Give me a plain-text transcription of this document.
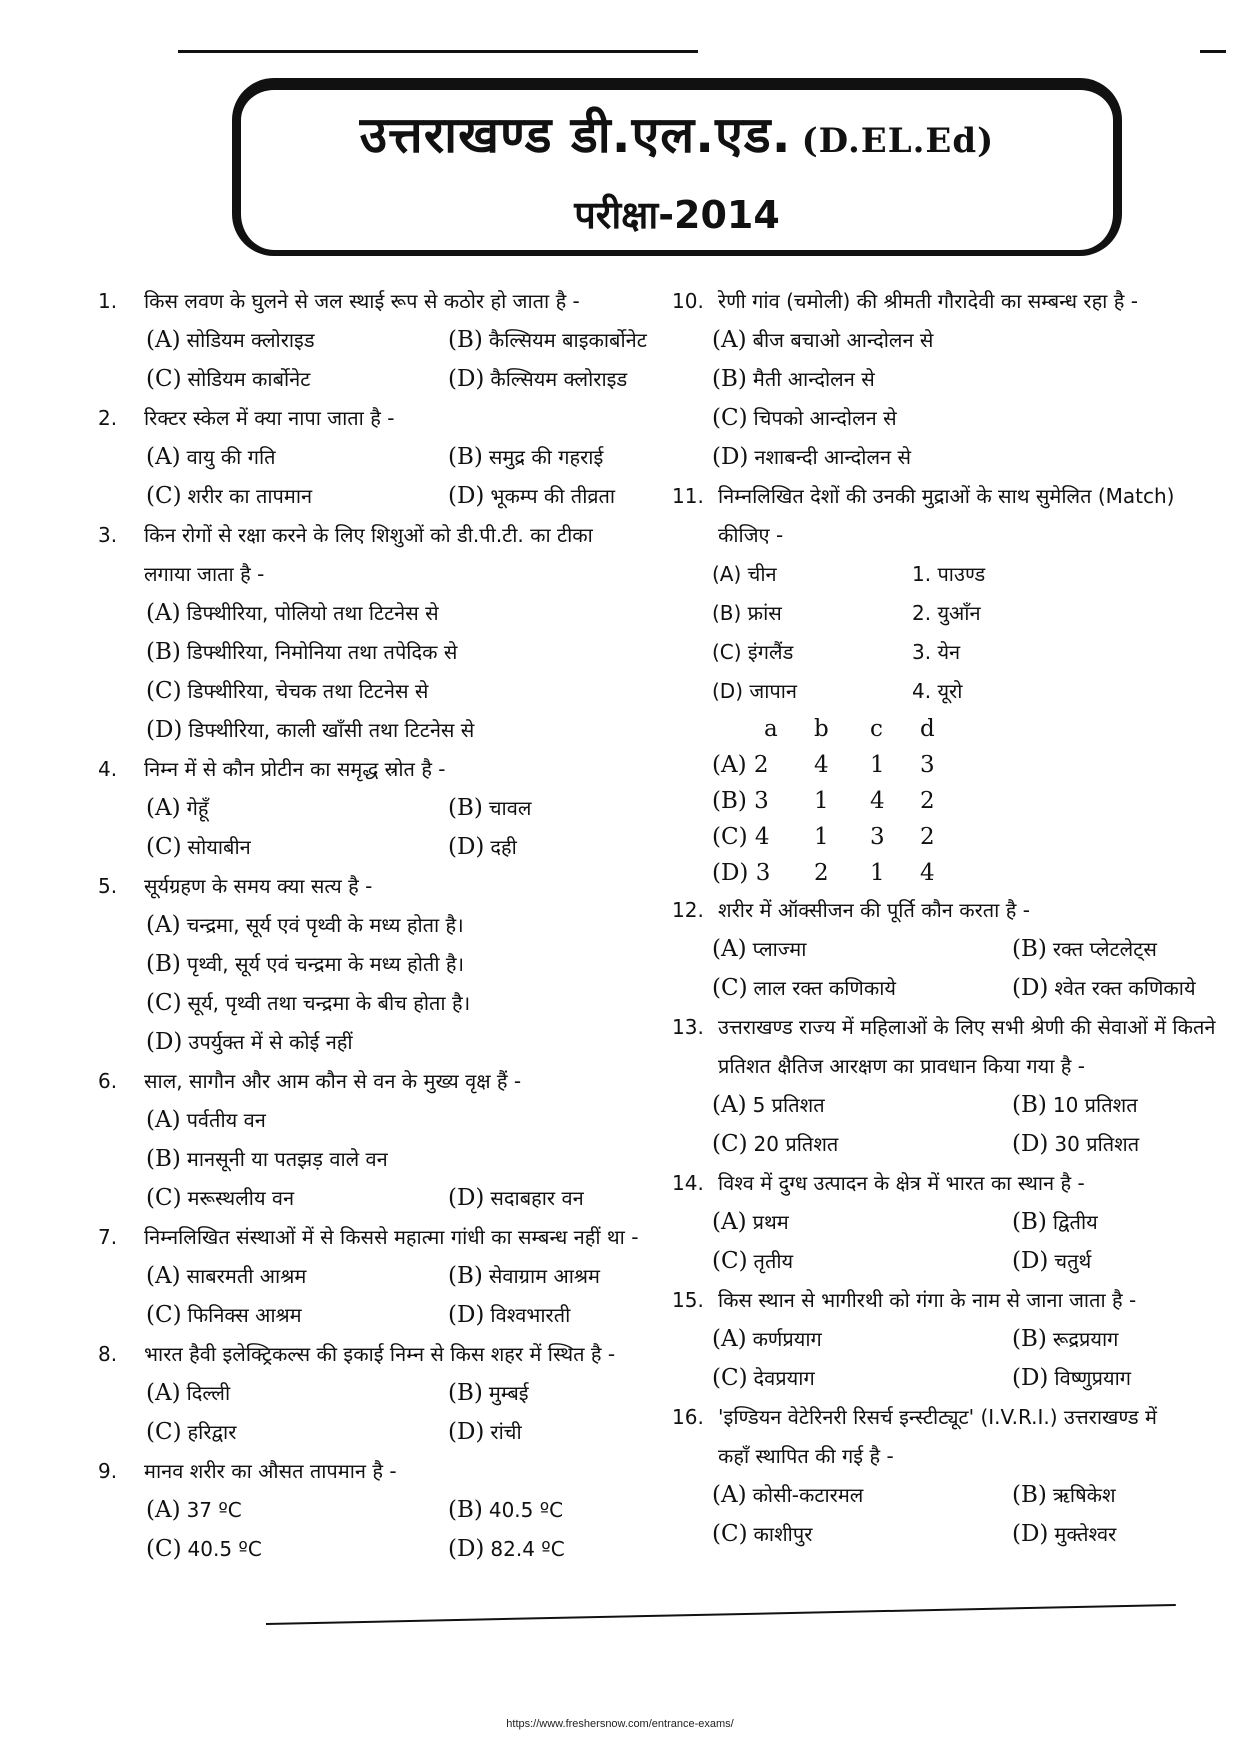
उत्तराखण्ड डी.एल.एड. (D.EL.Ed)
परीक्षा-2014
1. किस लवण के घुलने से जल स्थाई रूप से कठोर हो जाता है -
(A) सोडियम क्लोराइड	(B) कैल्सियम बाइकार्बोनेट
(C) सोडियम कार्बोनेट	(D) कैल्सियम क्लोराइड
2. रिक्टर स्केल में क्या नापा जाता है -
(A) वायु की गति	(B) समुद्र की गहराई
(C) शरीर का तापमान	(D) भूकम्प की तीव्रता
3. किन रोगों से रक्षा करने के लिए शिशुओं को डी.पी.टी. का टीका
लगाया जाता है -
(A) डिफ्थीरिया, पोलियो तथा टिटनेस से
(B) डिफ्थीरिया, निमोनिया तथा तपेदिक से
(C) डिफ्थीरिया, चेचक तथा टिटनेस से
(D) डिफ्थीरिया, काली खाँसी तथा टिटनेस से
4. निम्न में से कौन प्रोटीन का समृद्ध स्रोत है -
(A) गेहूँ	(B) चावल
(C) सोयाबीन	(D) दही
5. सूर्यग्रहण के समय क्या सत्य है -
(A) चन्द्रमा, सूर्य एवं पृथ्वी के मध्य होता है।
(B) पृथ्वी, सूर्य एवं चन्द्रमा के मध्य होती है।
(C) सूर्य, पृथ्वी तथा चन्द्रमा के बीच होता है।
(D) उपर्युक्त में से कोई नहीं
6. साल, सागौन और आम कौन से वन के मुख्य वृक्ष हैं -
(A) पर्वतीय वन
(B) मानसूनी या पतझड़ वाले वन
(C) मरूस्थलीय वन	(D) सदाबहार वन
7. निम्नलिखित संस्थाओं में से किससे महात्मा गांधी का सम्बन्ध नहीं था -
(A) साबरमती आश्रम	(B) सेवाग्राम आश्रम
(C) फिनिक्स आश्रम	(D) विश्वभारती
8. भारत हैवी इलेक्ट्रिकल्स की इकाई निम्न से किस शहर में स्थित है -
(A) दिल्ली	(B) मुम्बई
(C) हरिद्वार	(D) रांची
9. मानव शरीर का औसत तापमान है -
(A) 37 ºC	(B) 40.5 ºC
(C) 40.5 ºC	(D) 82.4 ºC
10. रेणी गांव (चमोली) की श्रीमती गौरादेवी का सम्बन्ध रहा है -
(A) बीज बचाओ आन्दोलन से
(B) मैती आन्दोलन से
(C) चिपको आन्दोलन से
(D) नशाबन्दी आन्दोलन से
11. निम्नलिखित देशों की उनकी मुद्राओं के साथ सुमेलित (Match)
कीजिए -
(A) चीन	1. पाउण्ड
(B) फ्रांस	2. युआँन
(C) इंगलैंड	3. येन
(D) जापान	4. यूरो
a b c d
(A) 2 4 1 3
(B) 3 1 4 2
(C) 4 1 3 2
(D) 3 2 1 4
12. शरीर में ऑक्सीजन की पूर्ति कौन करता है -
(A) प्लाज्मा	(B) रक्त प्लेटलेट्स
(C) लाल रक्त कणिकाये	(D) श्वेत रक्त कणिकाये
13. उत्तराखण्ड राज्य में महिलाओं के लिए सभी श्रेणी की सेवाओं में कितने
प्रतिशत क्षैतिज आरक्षण का प्रावधान किया गया है -
(A) 5 प्रतिशत	(B) 10 प्रतिशत
(C) 20 प्रतिशत	(D) 30 प्रतिशत
14. विश्व में दुग्ध उत्पादन के क्षेत्र में भारत का स्थान है -
(A) प्रथम	(B) द्वितीय
(C) तृतीय	(D) चतुर्थ
15. किस स्थान से भागीरथी को गंगा के नाम से जाना जाता है -
(A) कर्णप्रयाग	(B) रूद्रप्रयाग
(C) देवप्रयाग	(D) विष्णुप्रयाग
16. 'इण्डियन वेटेरिनरी रिसर्च इन्स्टीट्यूट' (I.V.R.I.) उत्तराखण्ड में
कहाँ स्थापित की गई है -
(A) कोसी-कटारमल	(B) ऋषिकेश
(C) काशीपुर	(D) मुक्तेश्वर
https://www.freshersnow.com/entrance-exams/
